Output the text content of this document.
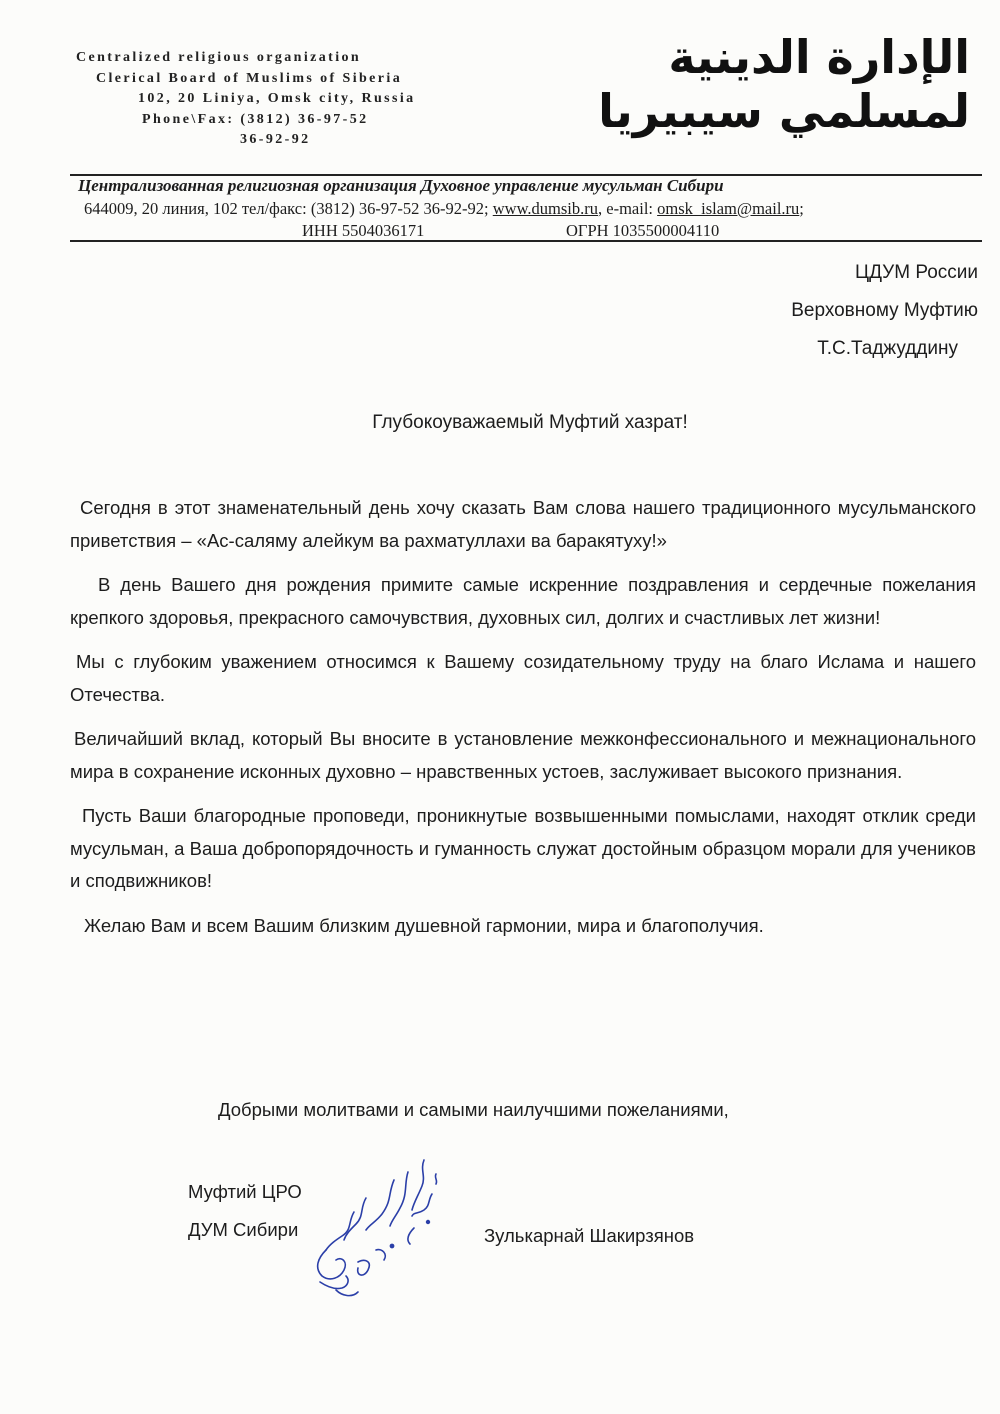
Centralized religious organization
Clerical Board of Muslims of Siberia
102, 20 Liniya, Omsk city, Russia
Phone\Fax: (3812) 36-97-52
36-92-92
الإدارة الدينية
لمسلمي سيبيريا
Централизованная религиозная организация Духовное управление мусульман Сибири
644009, 20 линия, 102 тел/факс: (3812) 36-97-52 36-92-92; www.dumsib.ru, e-mail: omsk_islam@mail.ru;
ИНН 5504036171	ОГРН 1035500004110
ЦДУМ России
Верховному Муфтию
Т.С.Таджуддину
Глубокоуважаемый Муфтий хазрат!

Сегодня в этот знаменательный день хочу сказать Вам слова нашего традиционного мусульманского приветствия – «Ас-саляму алейкум ва рахматуллахи ва баракятуху!»

В день Вашего дня рождения примите самые искренние поздравления и сердечные пожелания крепкого здоровья, прекрасного самочувствия, духовных сил, долгих и счастливых лет жизни!

Мы с глубоким уважением относимся к Вашему созидательному труду на благо Ислама и нашего Отечества.

Величайший вклад, который Вы вносите в установление межконфессионального и межнационального мира в сохранение исконных духовно – нравственных устоев, заслуживает высокого признания.

Пусть Ваши благородные проповеди, проникнутые возвышенными помыслами, находят отклик среди мусульман, а Ваша добропорядочность и гуманность служат достойным образцом морали для учеников и сподвижников!

Желаю Вам и всем Вашим близким душевной гармонии, мира и благополучия.

Добрыми молитвами и самыми наилучшими пожеланиями,
Муфтий ЦРО
ДУМ Сибири	Зулькарнай Шакирзянов
